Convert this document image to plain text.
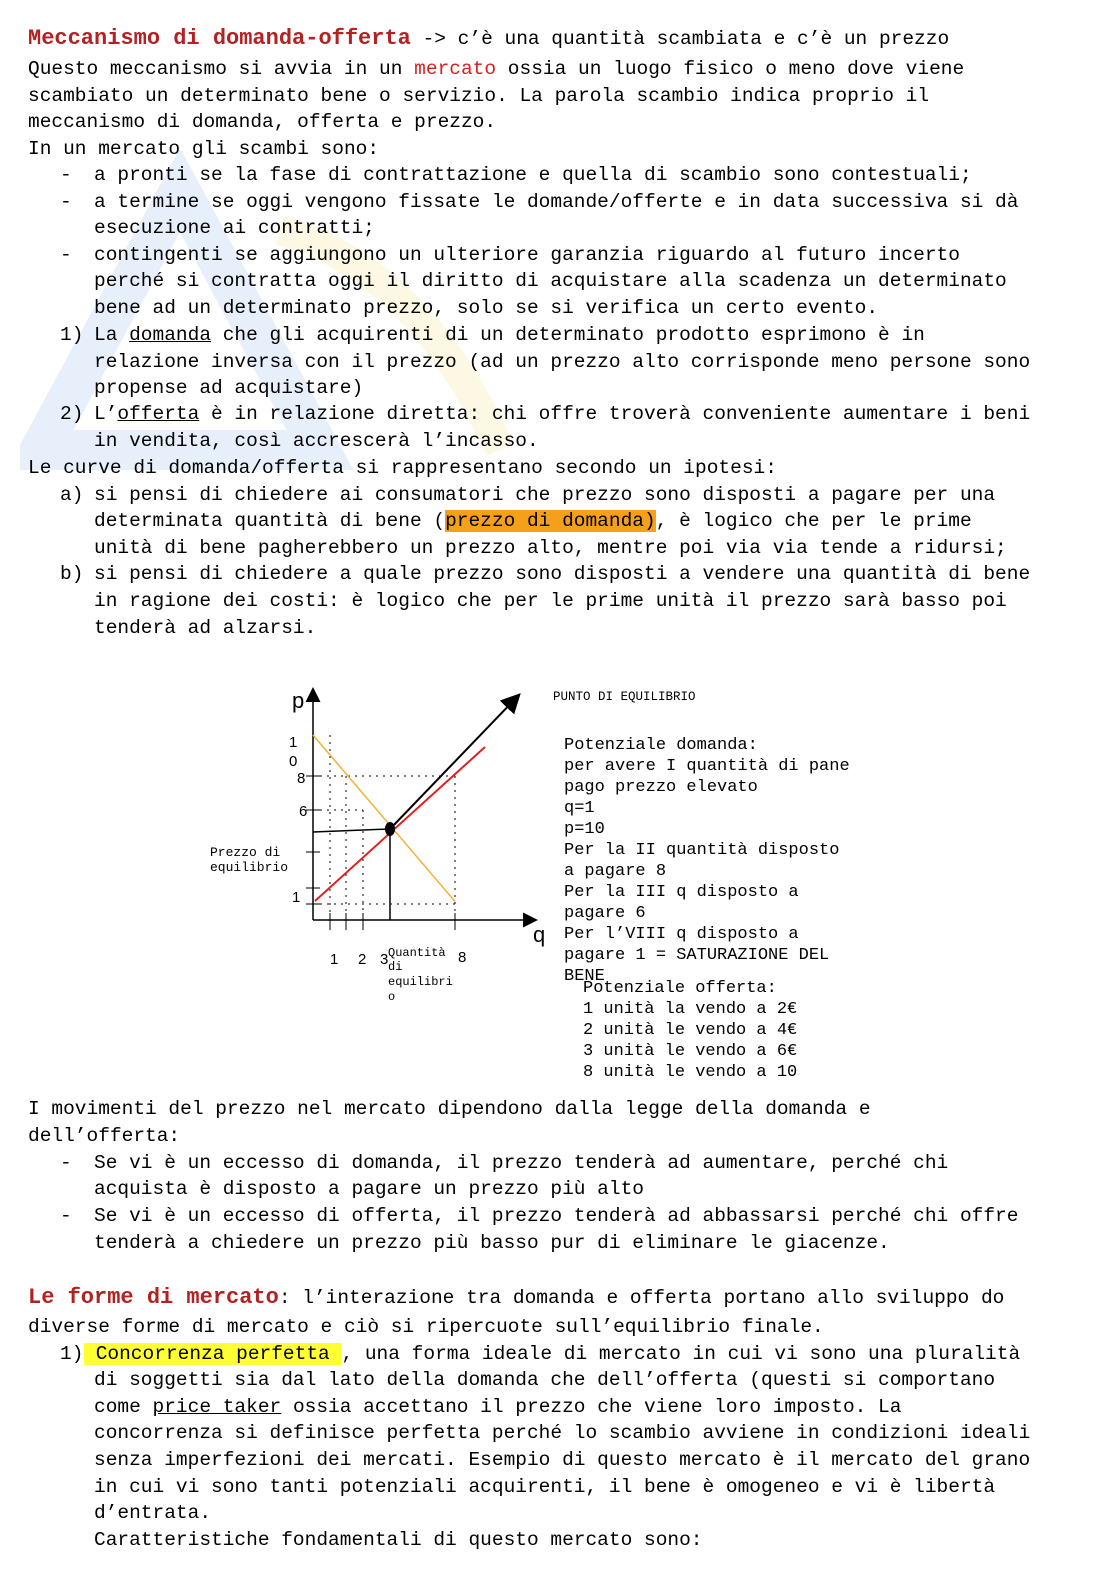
Meccanismo di domanda-offerta -> c’è una quantità scambiata e c’è un prezzo
Questo meccanismo si avvia in un mercato ossia un luogo fisico o meno dove viene
scambiato un determinato bene o servizio. La parola scambio indica proprio il
meccanismo di domanda, offerta e prezzo.
In un mercato gli scambi sono:
- a pronti se la fase di contrattazione e quella di scambio sono contestuali;
- a termine se oggi vengono fissate le domande/offerte e in data successiva si dà
esecuzione ai contratti;
- contingenti se aggiungono un ulteriore garanzia riguardo al futuro incerto
perché si contratta oggi il diritto di acquistare alla scadenza un determinato
bene ad un determinato prezzo, solo se si verifica un certo evento.
1) La domanda che gli acquirenti di un determinato prodotto esprimono è in
relazione inversa con il prezzo (ad un prezzo alto corrisponde meno persone sono
propense ad acquistare)
2) L’offerta è in relazione diretta: chi offre troverà conveniente aumentare i beni
in vendita, così accrescerà l’incasso.
Le curve di domanda/offerta si rappresentano secondo un ipotesi:
a) si pensi di chiedere ai consumatori che prezzo sono disposti a pagare per una
determinata quantità di bene (prezzo di domanda), è logico che per le prime
unità di bene pagherebbero un prezzo alto, mentre poi via via tende a ridursi;
b) si pensi di chiedere a quale prezzo sono disposti a vendere una quantità di bene
in ragione dei costi: è logico che per le prime unità il prezzo sarà basso poi
tenderà ad alzarsi.
p
q
1
0
8
6
1
1 2 3	8
Prezzo di
equilibrio
Quantità
di
equilibri
o
PUNTO DI EQUILIBRIO
Potenziale domanda:
per avere I quantità di pane
pago prezzo elevato
q=1
p=10
Per la II quantità disposto
a pagare 8
Per la III q disposto a
pagare 6
Per l’VIII q disposto a
pagare 1 = SATURAZIONE DEL
BENE
Potenziale offerta:
1 unità la vendo a 2€
2 unità le vendo a 4€
3 unità le vendo a 6€
8 unità le vendo a 10
I movimenti del prezzo nel mercato dipendono dalla legge della domanda e
dell’offerta:
- Se vi è un eccesso di domanda, il prezzo tenderà ad aumentare, perché chi
acquista è disposto a pagare un prezzo più alto
- Se vi è un eccesso di offerta, il prezzo tenderà ad abbassarsi perché chi offre
tenderà a chiedere un prezzo più basso pur di eliminare le giacenze.
Le forme di mercato: l’interazione tra domanda e offerta portano allo sviluppo do
diverse forme di mercato e ciò si ripercuote sull’equilibrio finale.
1) Concorrenza perfetta , una forma ideale di mercato in cui vi sono una pluralità
di soggetti sia dal lato della domanda che dell’offerta (questi si comportano
come price taker ossia accettano il prezzo che viene loro imposto. La
concorrenza si definisce perfetta perché lo scambio avviene in condizioni ideali
senza imperfezioni dei mercati. Esempio di questo mercato è il mercato del grano
in cui vi sono tanti potenziali acquirenti, il bene è omogeneo e vi è libertà
d’entrata.
Caratteristiche fondamentali di questo mercato sono:
